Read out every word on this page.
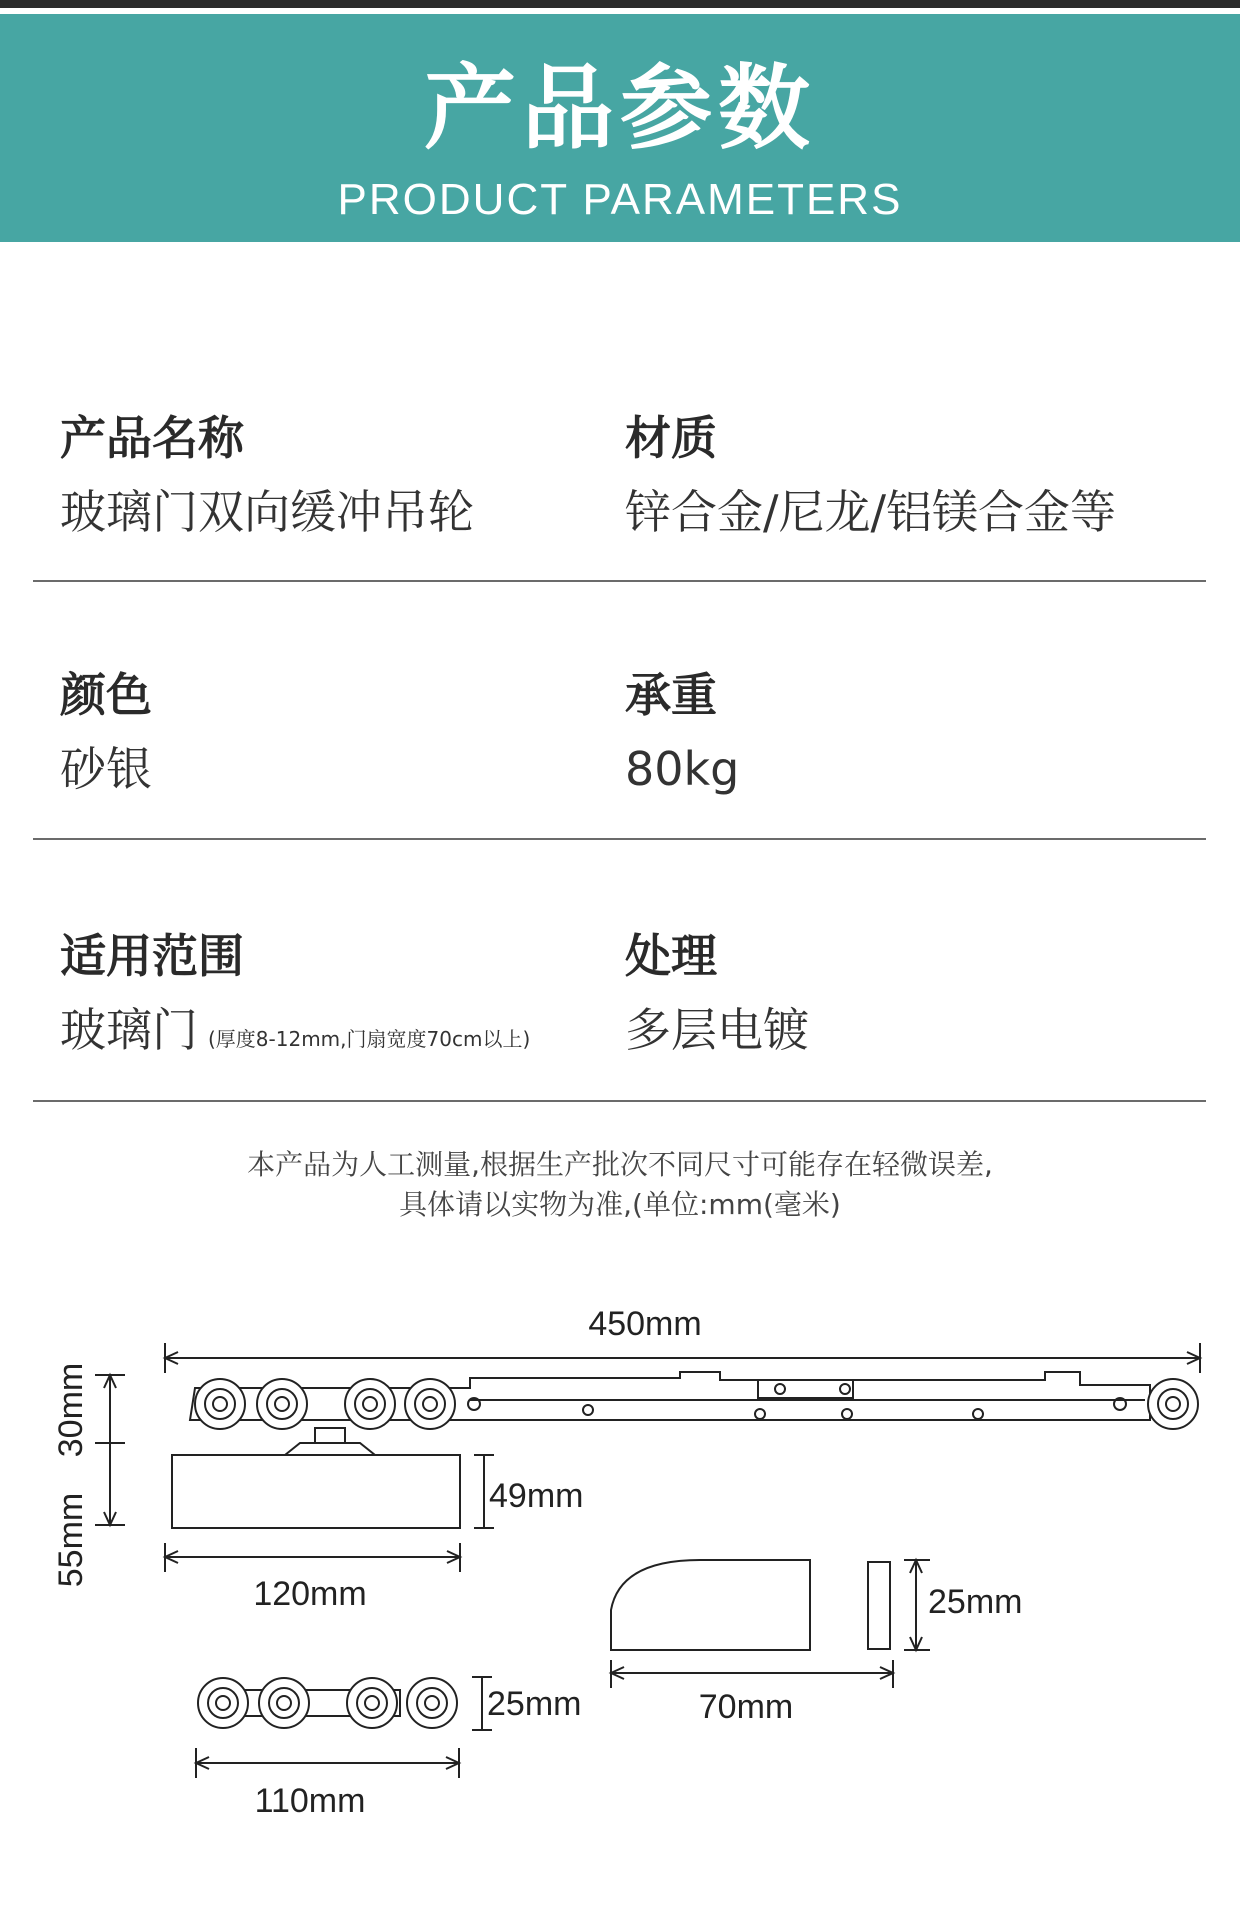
产品参数
PRODUCT PARAMETERS
产品名称
玻璃门双向缓冲吊轮
材质
锌合金/尼龙/铝镁合金等
颜色
砂银
承重
80kg
适用范围
玻璃门 (厚度8-12mm,门扇宽度70cm以上)
处理
多层电镀
本产品为人工测量,根据生产批次不同尺寸可能存在轻微误差,
具体请以实物为准,(单位:mm(毫米)
450mm
30mm
55mm	49mm
120mm	25mm
70mm
25mm
110mm
